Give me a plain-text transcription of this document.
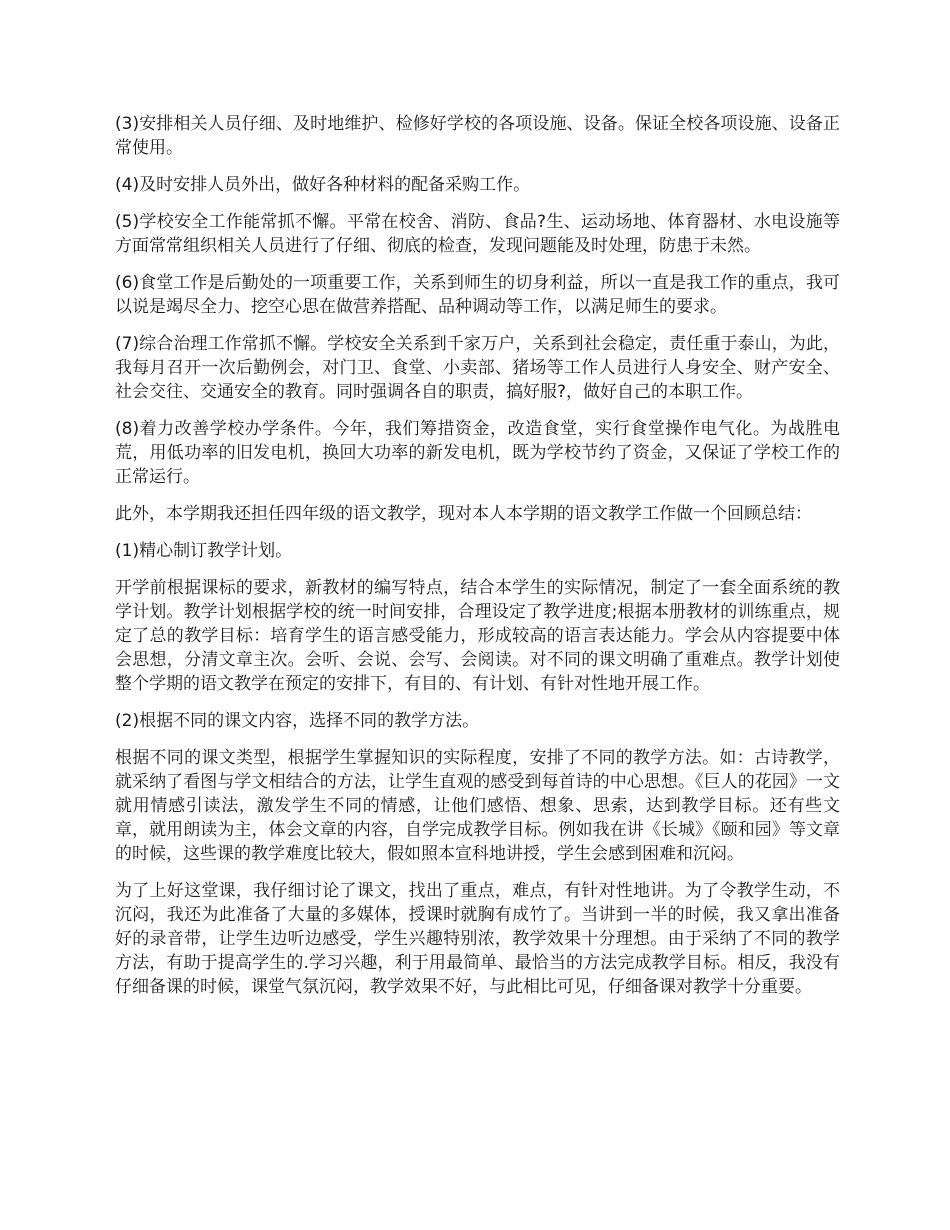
(3)安排相关人员仔细、及时地维护、检修好学校的各项设施、设备。保证全校各项设施、设备正常使用。

(4)及时安排人员外出，做好各种材料的配备采购工作。

(5)学校安全工作能常抓不懈。平常在校舍、消防、食品?生、运动场地、体育器材、水电设施等方面常常组织相关人员进行了仔细、彻底的检查，发现问题能及时处理，防患于未然。

(6)食堂工作是后勤处的一项重要工作，关系到师生的切身利益，所以一直是我工作的重点，我可以说是竭尽全力、挖空心思在做营养搭配、品种调动等工作，以满足师生的要求。

(7)综合治理工作常抓不懈。学校安全关系到千家万户，关系到社会稳定，责任重于泰山，为此，我每月召开一次后勤例会，对门卫、食堂、小卖部、猪场等工作人员进行人身安全、财产安全、社会交往、交通安全的教育。同时强调各自的职责，搞好服?，做好自己的本职工作。

(8)着力改善学校办学条件。今年，我们筹措资金，改造食堂，实行食堂操作电气化。为战胜电荒，用低功率的旧发电机，换回大功率的新发电机，既为学校节约了资金，又保证了学校工作的正常运行。

此外，本学期我还担任四年级的语文教学，现对本人本学期的语文教学工作做一个回顾总结：

(1)精心制订教学计划。

开学前根据课标的要求，新教材的编写特点，结合本学生的实际情况，制定了一套全面系统的教学计划。教学计划根据学校的统一时间安排，合理设定了教学进度;根据本册教材的训练重点，规定了总的教学目标：培育学生的语言感受能力，形成较高的语言表达能力。学会从内容提要中体会思想，分清文章主次。会听、会说、会写、会阅读。对不同的课文明确了重难点。教学计划使整个学期的语文教学在预定的安排下，有目的、有计划、有针对性地开展工作。

(2)根据不同的课文内容，选择不同的教学方法。

根据不同的课文类型，根据学生掌握知识的实际程度，安排了不同的教学方法。如：古诗教学，就采纳了看图与学文相结合的方法，让学生直观的感受到每首诗的中心思想。《巨人的花园》一文就用情感引读法，激发学生不同的情感，让他们感悟、想象、思索，达到教学目标。还有些文章，就用朗读为主，体会文章的内容，自学完成教学目标。例如我在讲《长城》《颐和园》等文章的时候，这些课的教学难度比较大，假如照本宣科地讲授，学生会感到困难和沉闷。

为了上好这堂课，我仔细讨论了课文，找出了重点，难点，有针对性地讲。为了令教学生动，不沉闷，我还为此准备了大量的多媒体，授课时就胸有成竹了。当讲到一半的时候，我又拿出准备好的录音带，让学生边听边感受，学生兴趣特别浓，教学效果十分理想。由于采纳了不同的教学方法，有助于提高学生的.学习兴趣，利于用最简单、最恰当的方法完成教学目标。相反，我没有仔细备课的时候，课堂气氛沉闷，教学效果不好，与此相比可见，仔细备课对教学十分重要。
